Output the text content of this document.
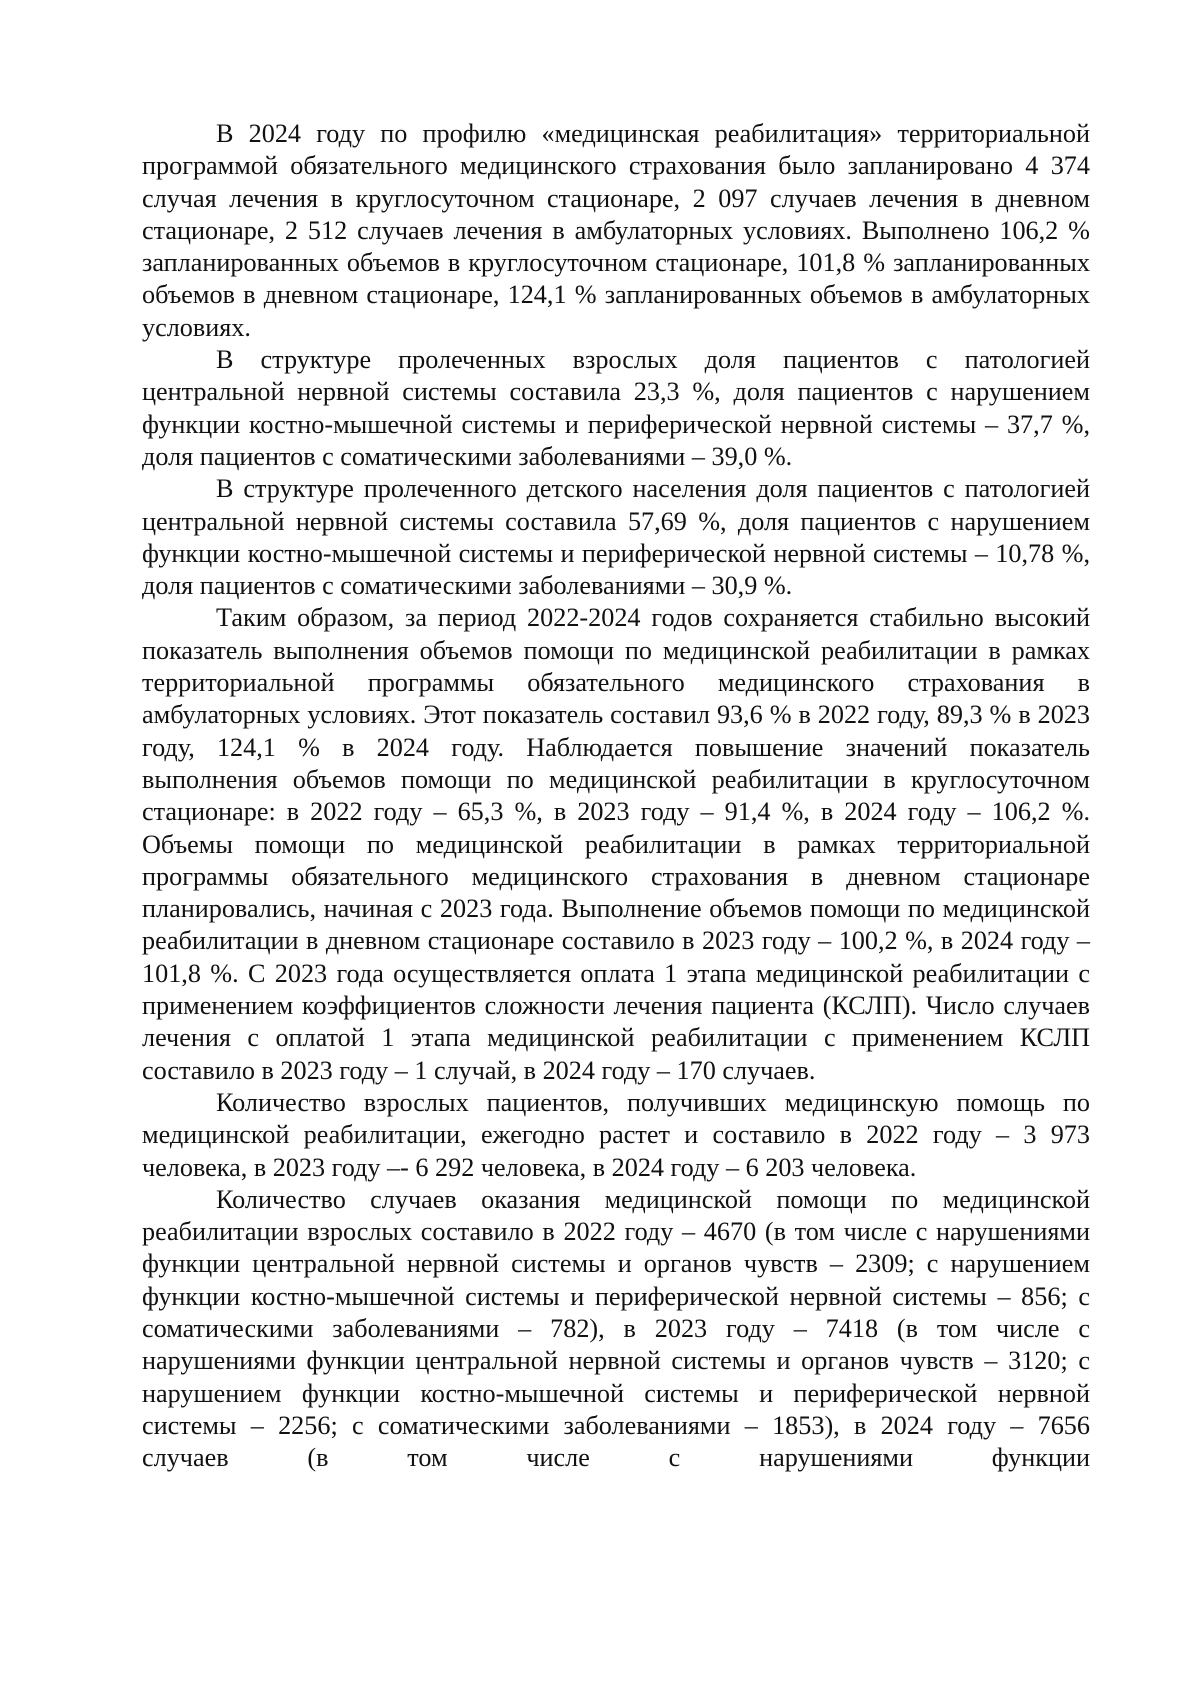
В 2024 году по профилю «медицинская реабилитация» территориальной программой обязательного медицинского страхования было запланировано 4 374 случая лечения в круглосуточном стационаре, 2 097 случаев лечения в дневном стационаре, 2 512 случаев лечения в амбулаторных условиях. Выполнено 106,2 % запланированных объемов в круглосуточном стационаре, 101,8 % запланированных объемов в дневном стационаре, 124,1 % запланированных объемов в амбулаторных условиях.

В структуре пролеченных взрослых доля пациентов с патологией центральной нервной системы составила 23,3 %, доля пациентов с нарушением функции костно-мышечной системы и периферической нервной системы – 37,7 %, доля пациентов с соматическими заболеваниями – 39,0 %.

В структуре пролеченного детского населения доля пациентов с патологией центральной нервной системы составила 57,69 %, доля пациентов с нарушением функции костно-мышечной системы и периферической нервной системы – 10,78 %, доля пациентов с соматическими заболеваниями – 30,9 %.

Таким образом, за период 2022-2024 годов сохраняется стабильно высокий показатель выполнения объемов помощи по медицинской реабилитации в рамках территориальной программы обязательного медицинского страхования в амбулаторных условиях. Этот показатель составил 93,6 % в 2022 году, 89,3 % в 2023 году, 124,1 % в 2024 году. Наблюдается повышение значений показатель выполнения объемов помощи по медицинской реабилитации в круглосуточном стационаре: в 2022 году – 65,3 %, в 2023 году – 91,4 %, в 2024 году – 106,2 %. Объемы помощи по медицинской реабилитации в рамках территориальной программы обязательного медицинского страхования в дневном стационаре планировались, начиная с 2023 года. Выполнение объемов помощи по медицинской реабилитации в дневном стационаре составило в 2023 году – 100,2 %, в 2024 году – 101,8 %. С 2023 года осуществляется оплата 1 этапа медицинской реабилитации с применением коэффициентов сложности лечения пациента (КСЛП). Число случаев лечения с оплатой 1 этапа медицинской реабилитации с применением КСЛП составило в 2023 году – 1 случай, в 2024 году – 170 случаев.

Количество взрослых пациентов, получивших медицинскую помощь по медицинской реабилитации, ежегодно растет и составило в 2022 году – 3 973 человека, в 2023 году –- 6 292 человека, в 2024 году – 6 203 человека.

Количество случаев оказания медицинской помощи по медицинской реабилитации взрослых составило в 2022 году – 4670 (в том числе с нарушениями функции центральной нервной системы и органов чувств – 2309; с нарушением функции костно-мышечной системы и периферической нервной системы – 856; с соматическими заболеваниями – 782), в 2023 году – 7418 (в том числе с нарушениями функции центральной нервной системы и органов чувств – 3120; с нарушением функции костно-мышечной системы и периферической нервной системы – 2256; с соматическими заболеваниями – 1853), в 2024 году – 7656 случаев (в том числе с нарушениями функции
